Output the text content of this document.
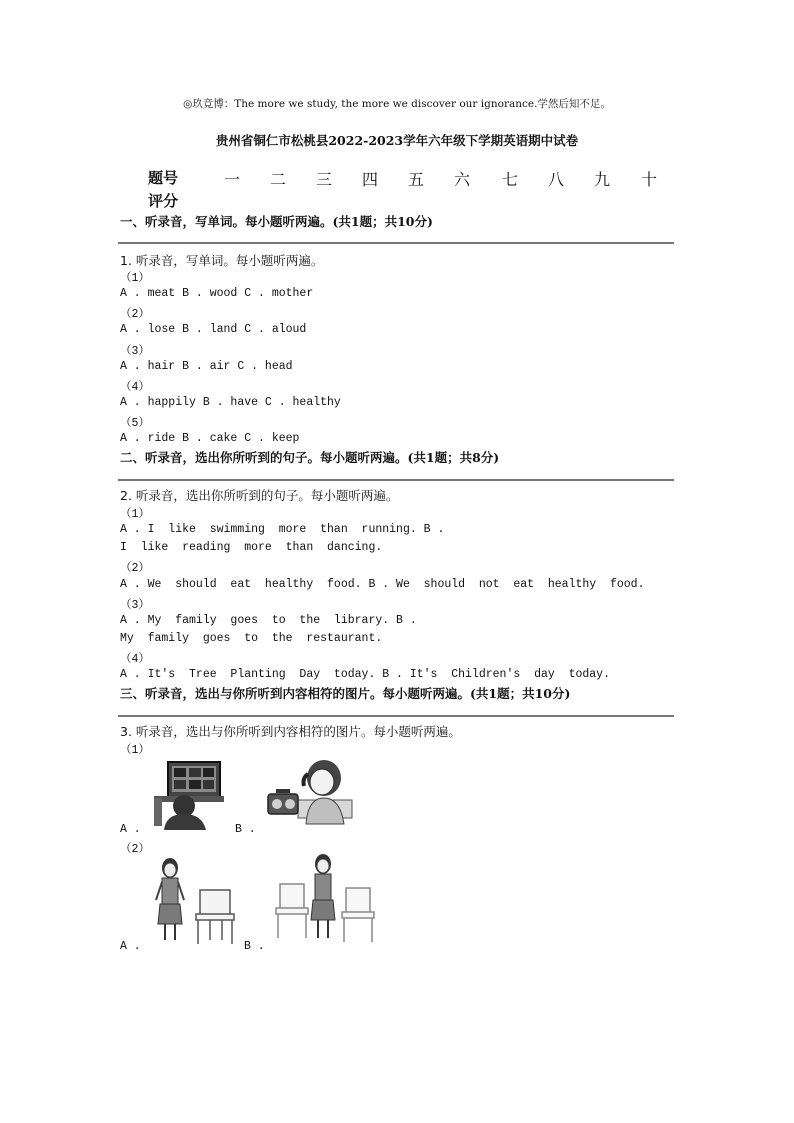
◎玖竞博：The more we study, the more we discover our ignorance.学然后知不足。
贵州省铜仁市松桃县2022-2023学年六年级下学期英语期中试卷
题号
评分
一 二 三 四 五 六 七 八 九 十
一、听录音，写单词。每小题听两遍。(共1题；共10分)
1. 听录音，写单词。每小题听两遍。
（1）
A . meat B . wood C . mother
（2）
A . lose B . land C . aloud
（3）
A . hair B . air C . head
（4）
A . happily B . have C . healthy
（5）
A . ride B . cake C . keep
二、听录音，选出你所听到的句子。每小题听两遍。(共1题；共8分)
2. 听录音，选出你所听到的句子。每小题听两遍。
（1）
A . I  like  swimming  more  than  running. B .
I  like  reading  more  than  dancing.
（2）
A . We  should  eat  healthy  food. B . We  should  not  eat  healthy  food.
（3）
A . My  family  goes  to  the  library. B .
My  family  goes  to  the  restaurant.
（4）
A . It's  Tree  Planting  Day  today. B . It's  Children's  day  today.
三、听录音，选出与你所听到内容相符的图片。每小题听两遍。(共1题；共10分)
3. 听录音，选出与你所听到内容相符的图片。每小题听两遍。
（1）
A .	B .
（2）
A .	B .
